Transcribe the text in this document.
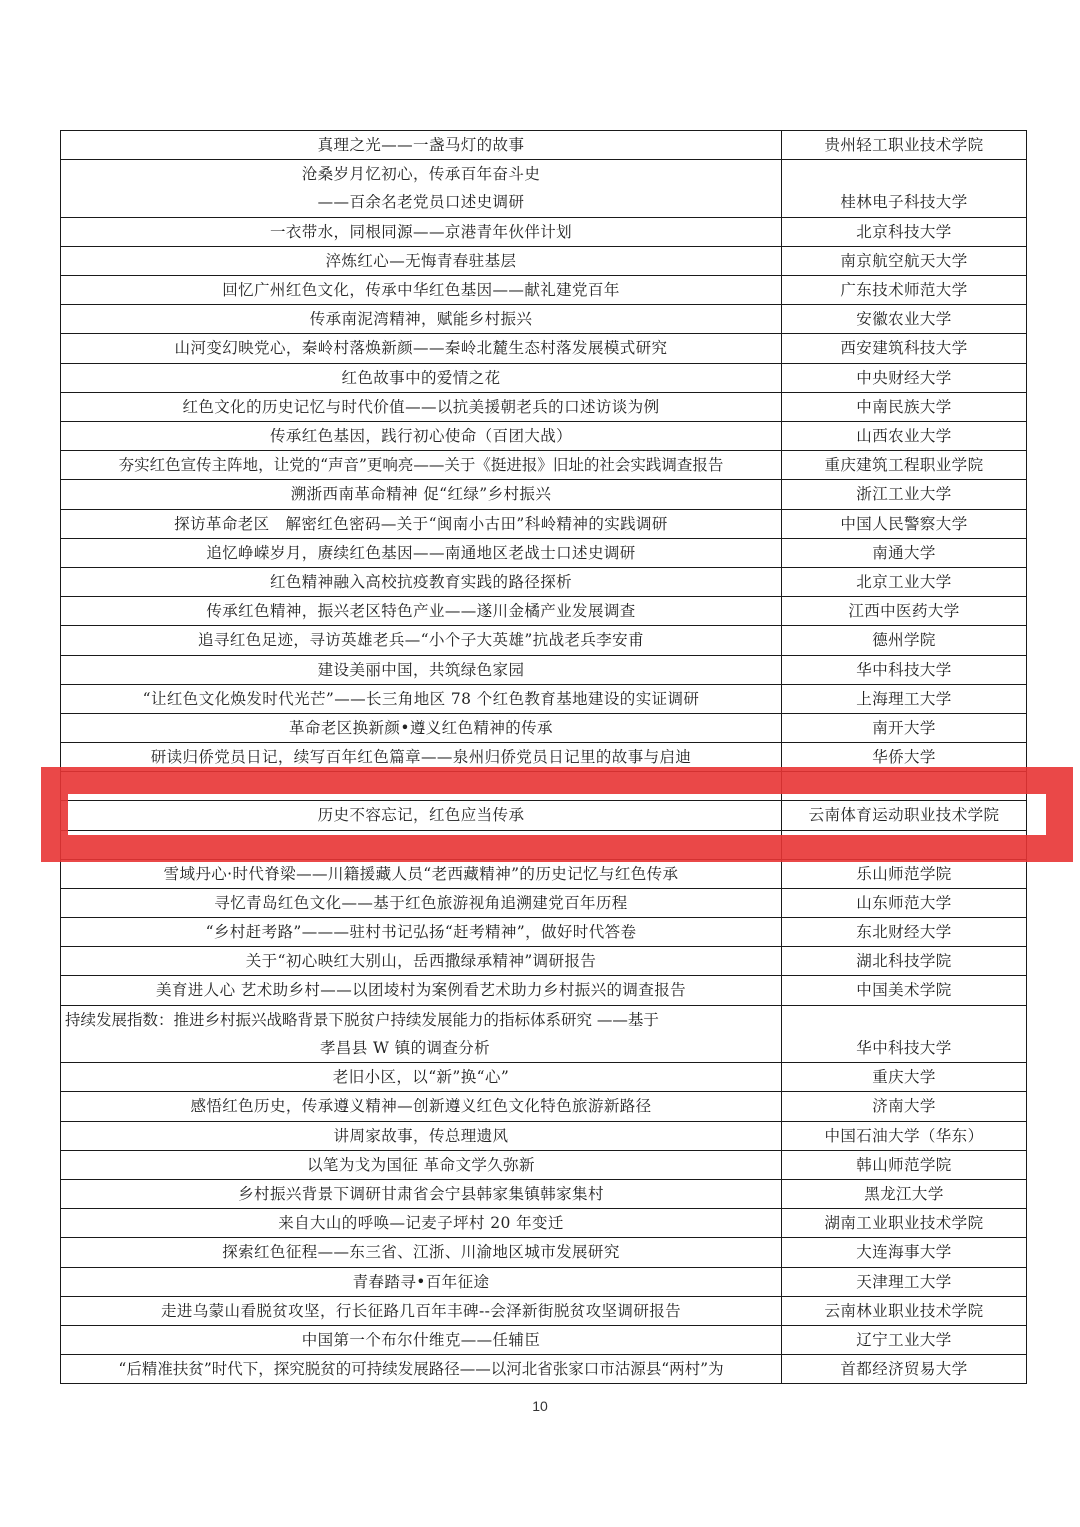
真理之光——一盏马灯的故事	贵州轻工职业技术学院

沧桑岁月忆初心，传承百年奋斗史
——百余名老党员口述史调研	桂林电子科技大学
一衣带水，同根同源——京港青年伙伴计划	北京科技大学
淬炼红心—无悔青春驻基层	南京航空航天大学
回忆广州红色文化，传承中华红色基因——献礼建党百年	广东技术师范大学
传承南泥湾精神，赋能乡村振兴	安徽农业大学
山河变幻映党心，秦岭村落焕新颜——秦岭北麓生态村落发展模式研究	西安建筑科技大学
红色故事中的爱情之花	中央财经大学
红色文化的历史记忆与时代价值——以抗美援朝老兵的口述访谈为例	中南民族大学
传承红色基因，践行初心使命（百团大战）	山西农业大学
夯实红色宣传主阵地，让党的“声音”更响亮——关于《挺进报》旧址的社会实践调查报告	重庆建筑工程职业学院
溯浙西南革命精神 促“红绿”乡村振兴	浙江工业大学
探访革命老区　解密红色密码—关于“闽南小古田”科岭精神的实践调研	中国人民警察大学
追忆峥嵘岁月，赓续红色基因——南通地区老战士口述史调研	南通大学
红色精神融入高校抗疫教育实践的路径探析	北京工业大学
传承红色精神，振兴老区特色产业——遂川金橘产业发展调查	江西中医药大学
追寻红色足迹，寻访英雄老兵—“小个子大英雄”抗战老兵李安甫	德州学院
建设美丽中国，共筑绿色家园	华中科技大学
“让红色文化焕发时代光芒”——长三角地区 78 个红色教育基地建设的实证调研	上海理工大学
革命老区换新颜•遵义红色精神的传承	南开大学
研读归侨党员日记，续写百年红色篇章——泉州归侨党员日记里的故事与启迪	华侨大学

历史不容忘记，红色应当传承	云南体育运动职业技术学院

雪域丹心·时代脊梁——川籍援藏人员“老西藏精神”的历史记忆与红色传承	乐山师范学院
寻忆青岛红色文化——基于红色旅游视角追溯建党百年历程	山东师范大学
“乡村赶考路”———驻村书记弘扬“赶考精神”，做好时代答卷	东北财经大学
关于“初心映红大别山，岳西撒绿承精神”调研报告	湖北科技学院
美育进人心 艺术助乡村——以团堎村为案例看艺术助力乡村振兴的调查报告	中国美术学院

持续发展指数：推进乡村振兴战略背景下脱贫户持续发展能力的指标体系研究 ——基于
孝昌县 W 镇的调查分析	华中科技大学
老旧小区，以“新”换“心”	重庆大学
感悟红色历史，传承遵义精神—创新遵义红色文化特色旅游新路径	济南大学
讲周家故事，传总理遗风	中国石油大学（华东）
以笔为戈为国征 革命文学久弥新	韩山师范学院
乡村振兴背景下调研甘肃省会宁县韩家集镇韩家集村	黑龙江大学
来自大山的呼唤—记麦子坪村 20 年变迁	湖南工业职业技术学院
探索红色征程——东三省、江浙、川渝地区城市发展研究	大连海事大学
青春踏寻•百年征途	天津理工大学
走进乌蒙山看脱贫攻坚，行长征路几百年丰碑--会泽新街脱贫攻坚调研报告	云南林业职业技术学院
中国第一个布尔什维克——任辅臣	辽宁工业大学
“后精准扶贫”时代下，探究脱贫的可持续发展路径——以河北省张家口市沽源县“两村”为	首都经济贸易大学
10
